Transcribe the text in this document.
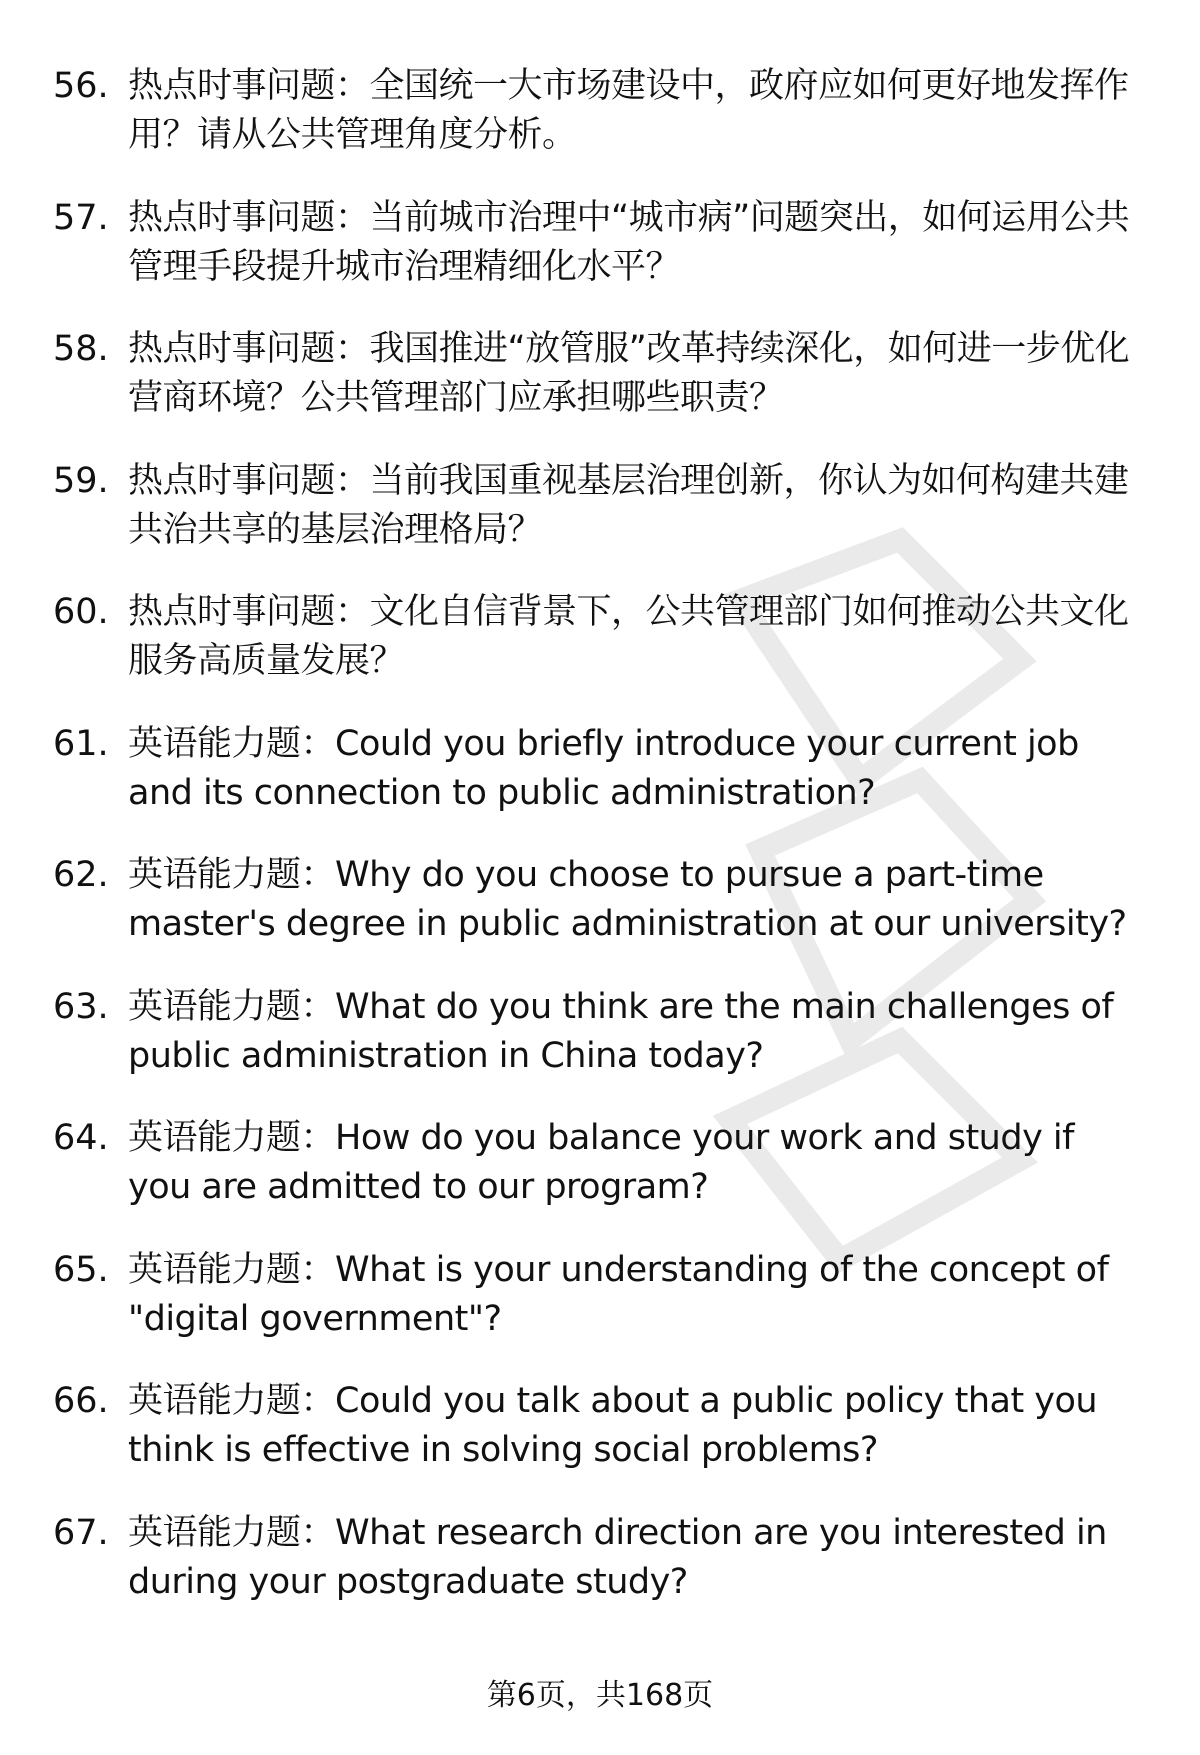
56. 热点时事问题：全国统一大市场建设中，政府应如何更好地发挥作用？请从公共管理角度分析。
57. 热点时事问题：当前城市治理中“城市病”问题突出，如何运用公共管理手段提升城市治理精细化水平？
58. 热点时事问题：我国推进“放管服”改革持续深化，如何进一步优化营商环境？公共管理部门应承担哪些职责？
59. 热点时事问题：当前我国重视基层治理创新，你认为如何构建共建共治共享的基层治理格局？
60. 热点时事问题：文化自信背景下，公共管理部门如何推动公共文化服务高质量发展？
61. 英语能力题：Could you briefly introduce your current job and its connection to public administration?
62. 英语能力题：Why do you choose to pursue a part-time master's degree in public administration at our university?
63. 英语能力题：What do you think are the main challenges of public administration in China today?
64. 英语能力题：How do you balance your work and study if you are admitted to our program?
65. 英语能力题：What is your understanding of the concept of "digital government"?
66. 英语能力题：Could you talk about a public policy that you think is effective in solving social problems?
67. 英语能力题：What research direction are you interested in during your postgraduate study?
第6页，共168页
